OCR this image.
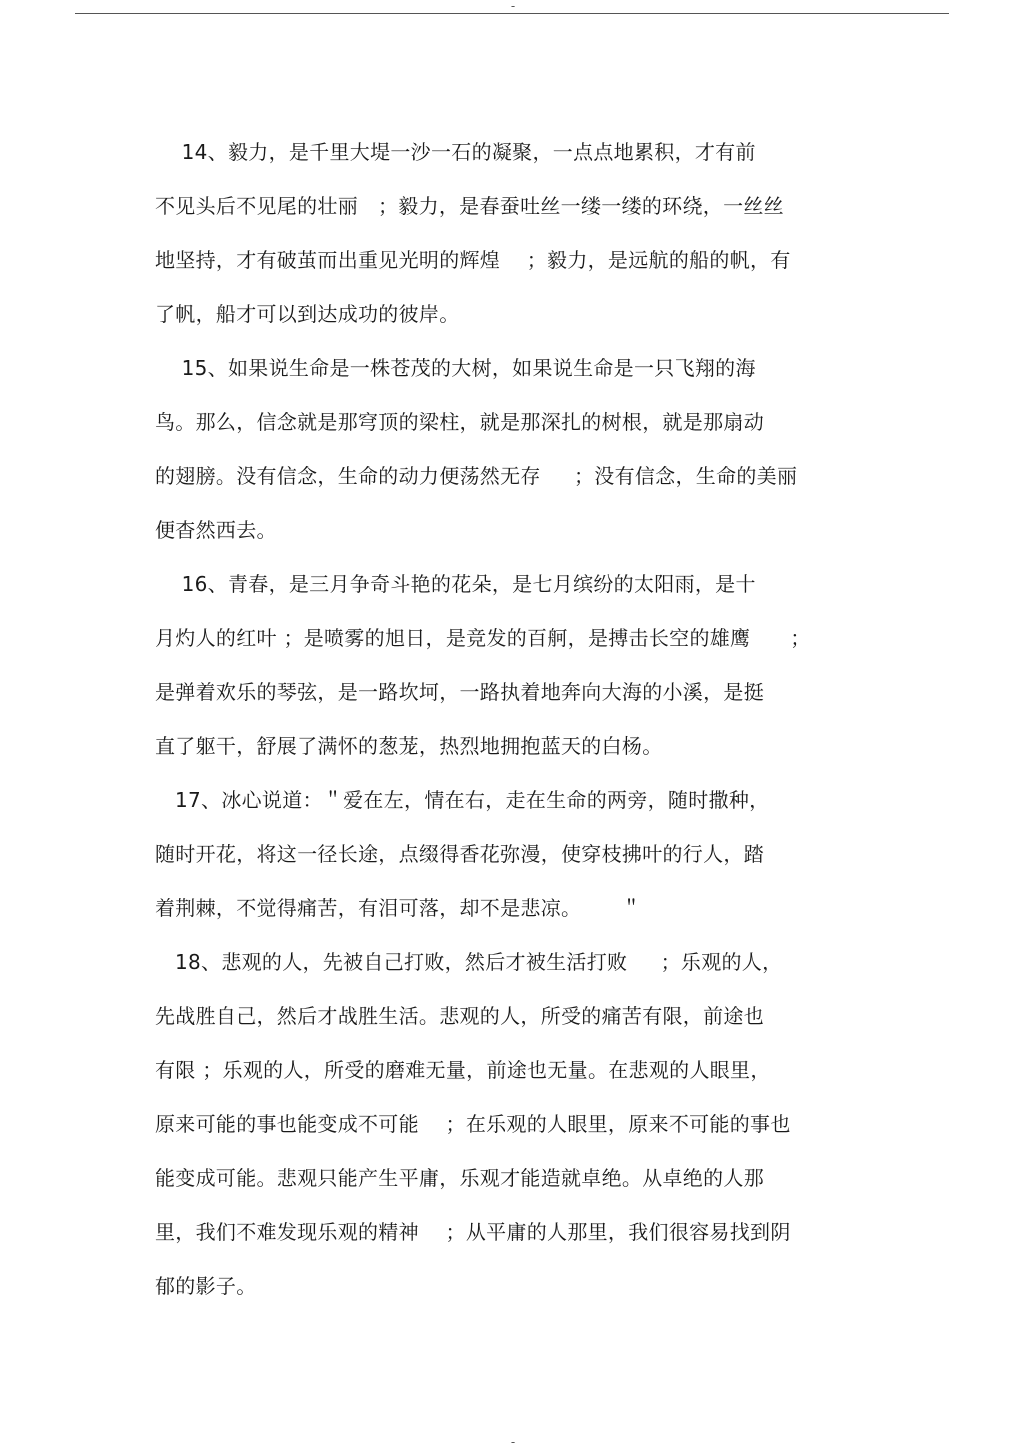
-
14、毅力，是千里大堤一沙一石的凝聚，一点点地累积，才有前
不见头后不见尾的壮丽   ；毅力，是春蚕吐丝一缕一缕的环绕，一丝丝
地坚持，才有破茧而出重见光明的辉煌    ；毅力，是远航的船的帆，有
了帆，船才可以到达成功的彼岸。
15、如果说生命是一株苍茂的大树，如果说生命是一只飞翔的海
鸟。那么，信念就是那穹顶的梁柱，就是那深扎的树根，就是那扇动
的翅膀。没有信念，生命的动力便荡然无存     ；没有信念，生命的美丽
便杳然西去。
16、青春，是三月争奇斗艳的花朵，是七月缤纷的太阳雨，是十
月灼人的红叶 ；是喷雾的旭日，是竞发的百舸，是搏击长空的雄鹰      ；
是弹着欢乐的琴弦，是一路坎坷，一路执着地奔向大海的小溪，是挺
直了躯干，舒展了满怀的葱茏，热烈地拥抱蓝天的白杨。
17、冰心说道：＂爱在左，情在右，走在生命的两旁，随时撒种，
随时开花，将这一径长途，点缀得香花弥漫，使穿枝拂叶的行人，踏
着荆棘，不觉得痛苦，有泪可落，却不是悲凉。      ＂
18、悲观的人，先被自己打败，然后才被生活打败     ；乐观的人，
先战胜自己，然后才战胜生活。悲观的人，所受的痛苦有限，前途也
有限 ；乐观的人，所受的磨难无量，前途也无量。在悲观的人眼里，
原来可能的事也能变成不可能    ；在乐观的人眼里，原来不可能的事也
能变成可能。悲观只能产生平庸，乐观才能造就卓绝。从卓绝的人那
里，我们不难发现乐观的精神    ；从平庸的人那里，我们很容易找到阴
郁的影子。
-
